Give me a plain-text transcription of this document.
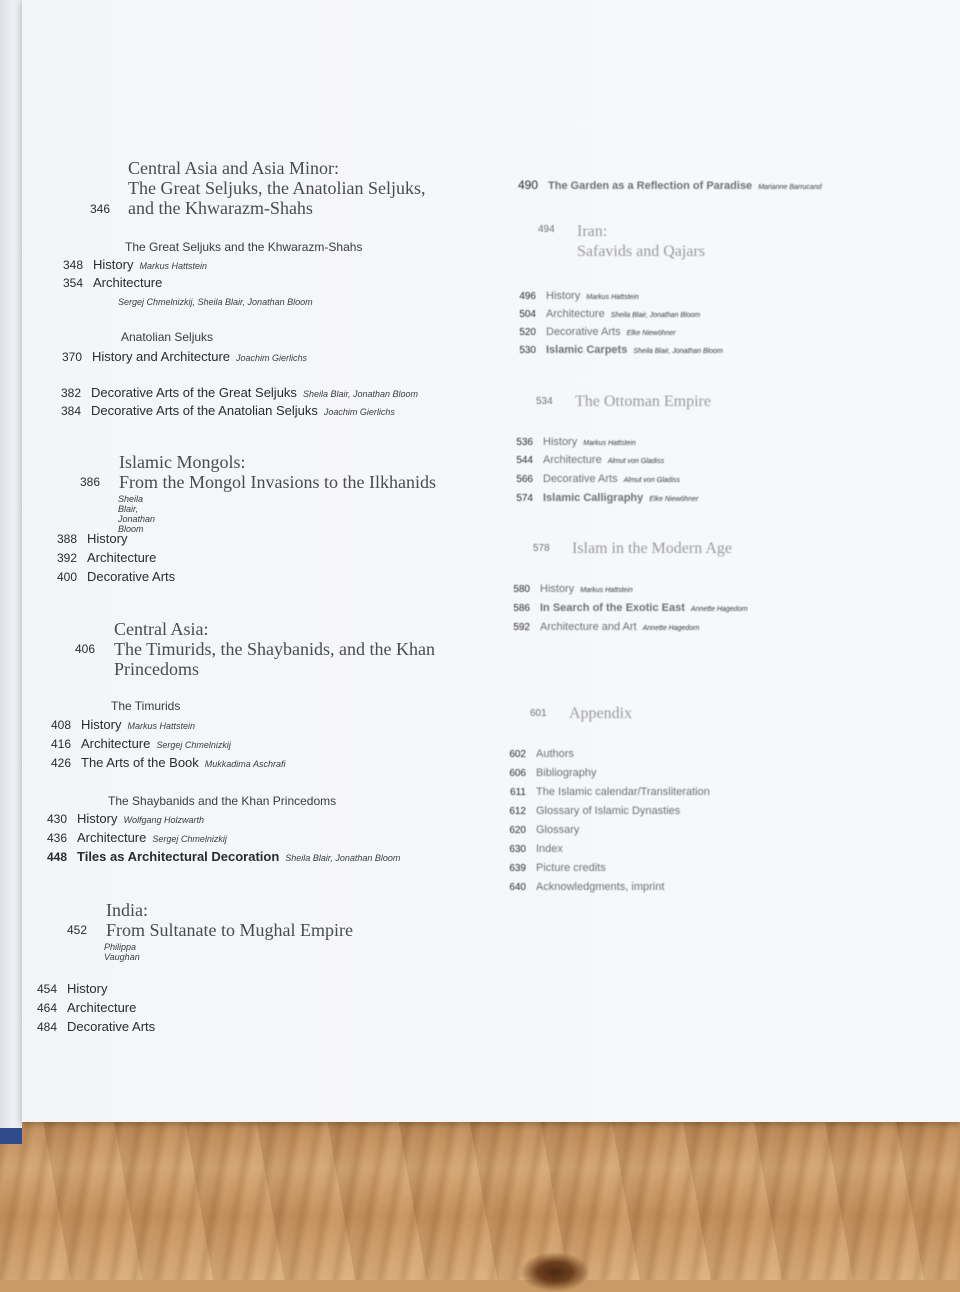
Central Asia and Asia Minor:
The Great Seljuks, the Anatolian Seljuks,
and the Khwarazm-Shahs
346
The Great Seljuks and the Khwarazm-Shahs
348 History Markus Hattstein
354 Architecture
Sergej Chmelnizkij, Sheila Blair, Jonathan Bloom
Anatolian Seljuks
370 History and Architecture Joachim Gierlichs
382 Decorative Arts of the Great Seljuks Sheila Blair, Jonathan Bloom
384 Decorative Arts of the Anatolian Seljuks Joachim Gierlichs
Islamic Mongols:
From the Mongol Invasions to the Ilkhanids
386
Sheila Blair, Jonathan Bloom
388 History
392 Architecture
400 Decorative Arts
Central Asia:
The Timurids, the Shaybanids, and the Khan
Princedoms
406
The Timurids
408 History Markus Hattstein
416 Architecture Sergej Chmelnizkij
426 The Arts of the Book Mukkadima Aschrafi
The Shaybanids and the Khan Princedoms
430 History Wolfgang Holzwarth
436 Architecture Sergej Chmelnizkij
448 Tiles as Architectural Decoration Sheila Blair, Jonathan Bloom
India:
From Sultanate to Mughal Empire
452
Philippa Vaughan
454 History
464 Architecture
484 Decorative Arts
490 The Garden as a Reflection of Paradise Marianne Barrucand
Iran:
Safavids and Qajars
494
496 History Markus Hattstein
504 Architecture Sheila Blair, Jonathan Bloom
520 Decorative Arts Elke Niewöhner
530 Islamic Carpets Sheila Blair, Jonathan Bloom
The Ottoman Empire
534
536 History Markus Hattstein
544 Architecture Almut von Gladiss
566 Decorative Arts Almut von Gladiss
574 Islamic Calligraphy Elke Niewöhner
Islam in the Modern Age
578
580 History Markus Hattstein
586 In Search of the Exotic East Annette Hagedorn
592 Architecture and Art Annette Hagedorn
Appendix
601
602 Authors
606 Bibliography
611 The Islamic calendar/Transliteration
612 Glossary of Islamic Dynasties
620 Glossary
630 Index
639 Picture credits
640 Acknowledgments, imprint
